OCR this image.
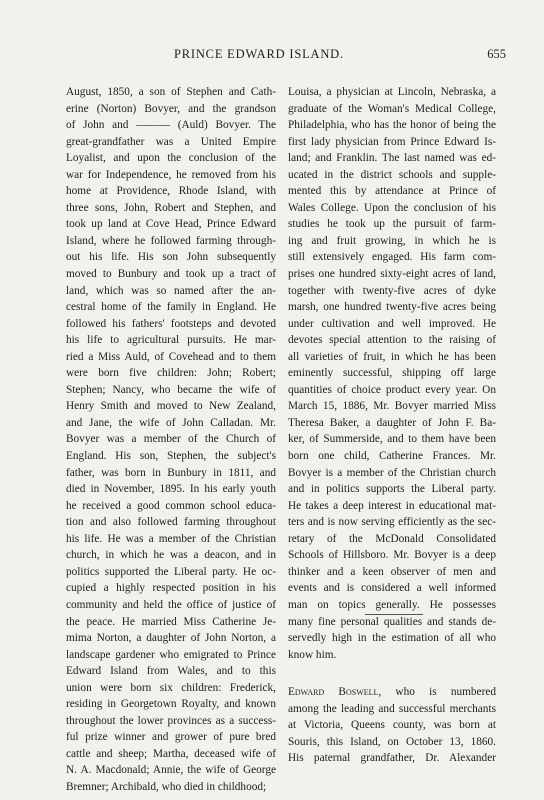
PRINCE EDWARD ISLAND.	655
August, 1850, a son of Stephen and Cath-
erine (Norton) Bovyer, and the grandson
of John and ——— (Auld) Bovyer. The
great-grandfather was a United Empire
Loyalist, and upon the conclusion of the
war for Independence, he removed from his
home at Providence, Rhode Island, with
three sons, John, Robert and Stephen, and
took up land at Cove Head, Prince Edward
Island, where he followed farming through-
out his life. His son John subsequently
moved to Bunbury and took up a tract of
land, which was so named after the an-
cestral home of the family in England. He
followed his fathers' footsteps and devoted
his life to agricultural pursuits. He mar-
ried a Miss Auld, of Covehead and to them
were born five children: John; Robert;
Stephen; Nancy, who became the wife of
Henry Smith and moved to New Zealand,
and Jane, the wife of John Calladan. Mr.
Bovyer was a member of the Church of
England. His son, Stephen, the subject's
father, was born in Bunbury in 1811, and
died in November, 1895. In his early youth
he received a good common school educa-
tion and also followed farming throughout
his life. He was a member of the Christian
church, in which he was a deacon, and in
politics supported the Liberal party. He oc-
cupied a highly respected position in his
community and held the office of justice of
the peace. He married Miss Catherine Je-
mima Norton, a daughter of John Norton, a
landscape gardener who emigrated to Prince
Edward Island from Wales, and to this
union were born six children: Frederick,
residing in Georgetown Royalty, and known
throughout the lower provinces as a success-
ful prize winner and grower of pure bred
cattle and sheep; Martha, deceased wife of
N. A. Macdonald; Annie, the wife of George
Bremner; Archibald, who died in childhood;
Louisa, a physician at Lincoln, Nebraska, a
graduate of the Woman's Medical College,
Philadelphia, who has the honor of being the
first lady physician from Prince Edward Is-
land; and Franklin. The last named was ed-
ucated in the district schools and supple-
mented this by attendance at Prince of
Wales College. Upon the conclusion of his
studies he took up the pursuit of farm-
ing and fruit growing, in which he is
still extensively engaged. His farm com-
prises one hundred sixty-eight acres of land,
together with twenty-five acres of dyke
marsh, one hundred twenty-five acres being
under cultivation and well improved. He
devotes special attention to the raising of
all varieties of fruit, in which he has been
eminently successful, shipping off large
quantities of choice product every year. On
March 15, 1886, Mr. Bovyer married Miss
Theresa Baker, a daughter of John F. Ba-
ker, of Summerside, and to them have been
born one child, Catherine Frances. Mr.
Bovyer is a member of the Christian church
and in politics supports the Liberal party.
He takes a deep interest in educational mat-
ters and is now serving efficiently as the sec-
retary of the McDonald Consolidated
Schools of Hillsboro. Mr. Bovyer is a deep
thinker and a keen observer of men and
events and is considered a well informed
man on topics generally. He possesses
many fine personal qualities and stands de-
servedly high in the estimation of all who
know him.
Edward Boswell, who is numbered
among the leading and successful merchants
at Victoria, Queens county, was born at
Souris, this Island, on October 13, 1860.
His paternal grandfather, Dr. Alexander
